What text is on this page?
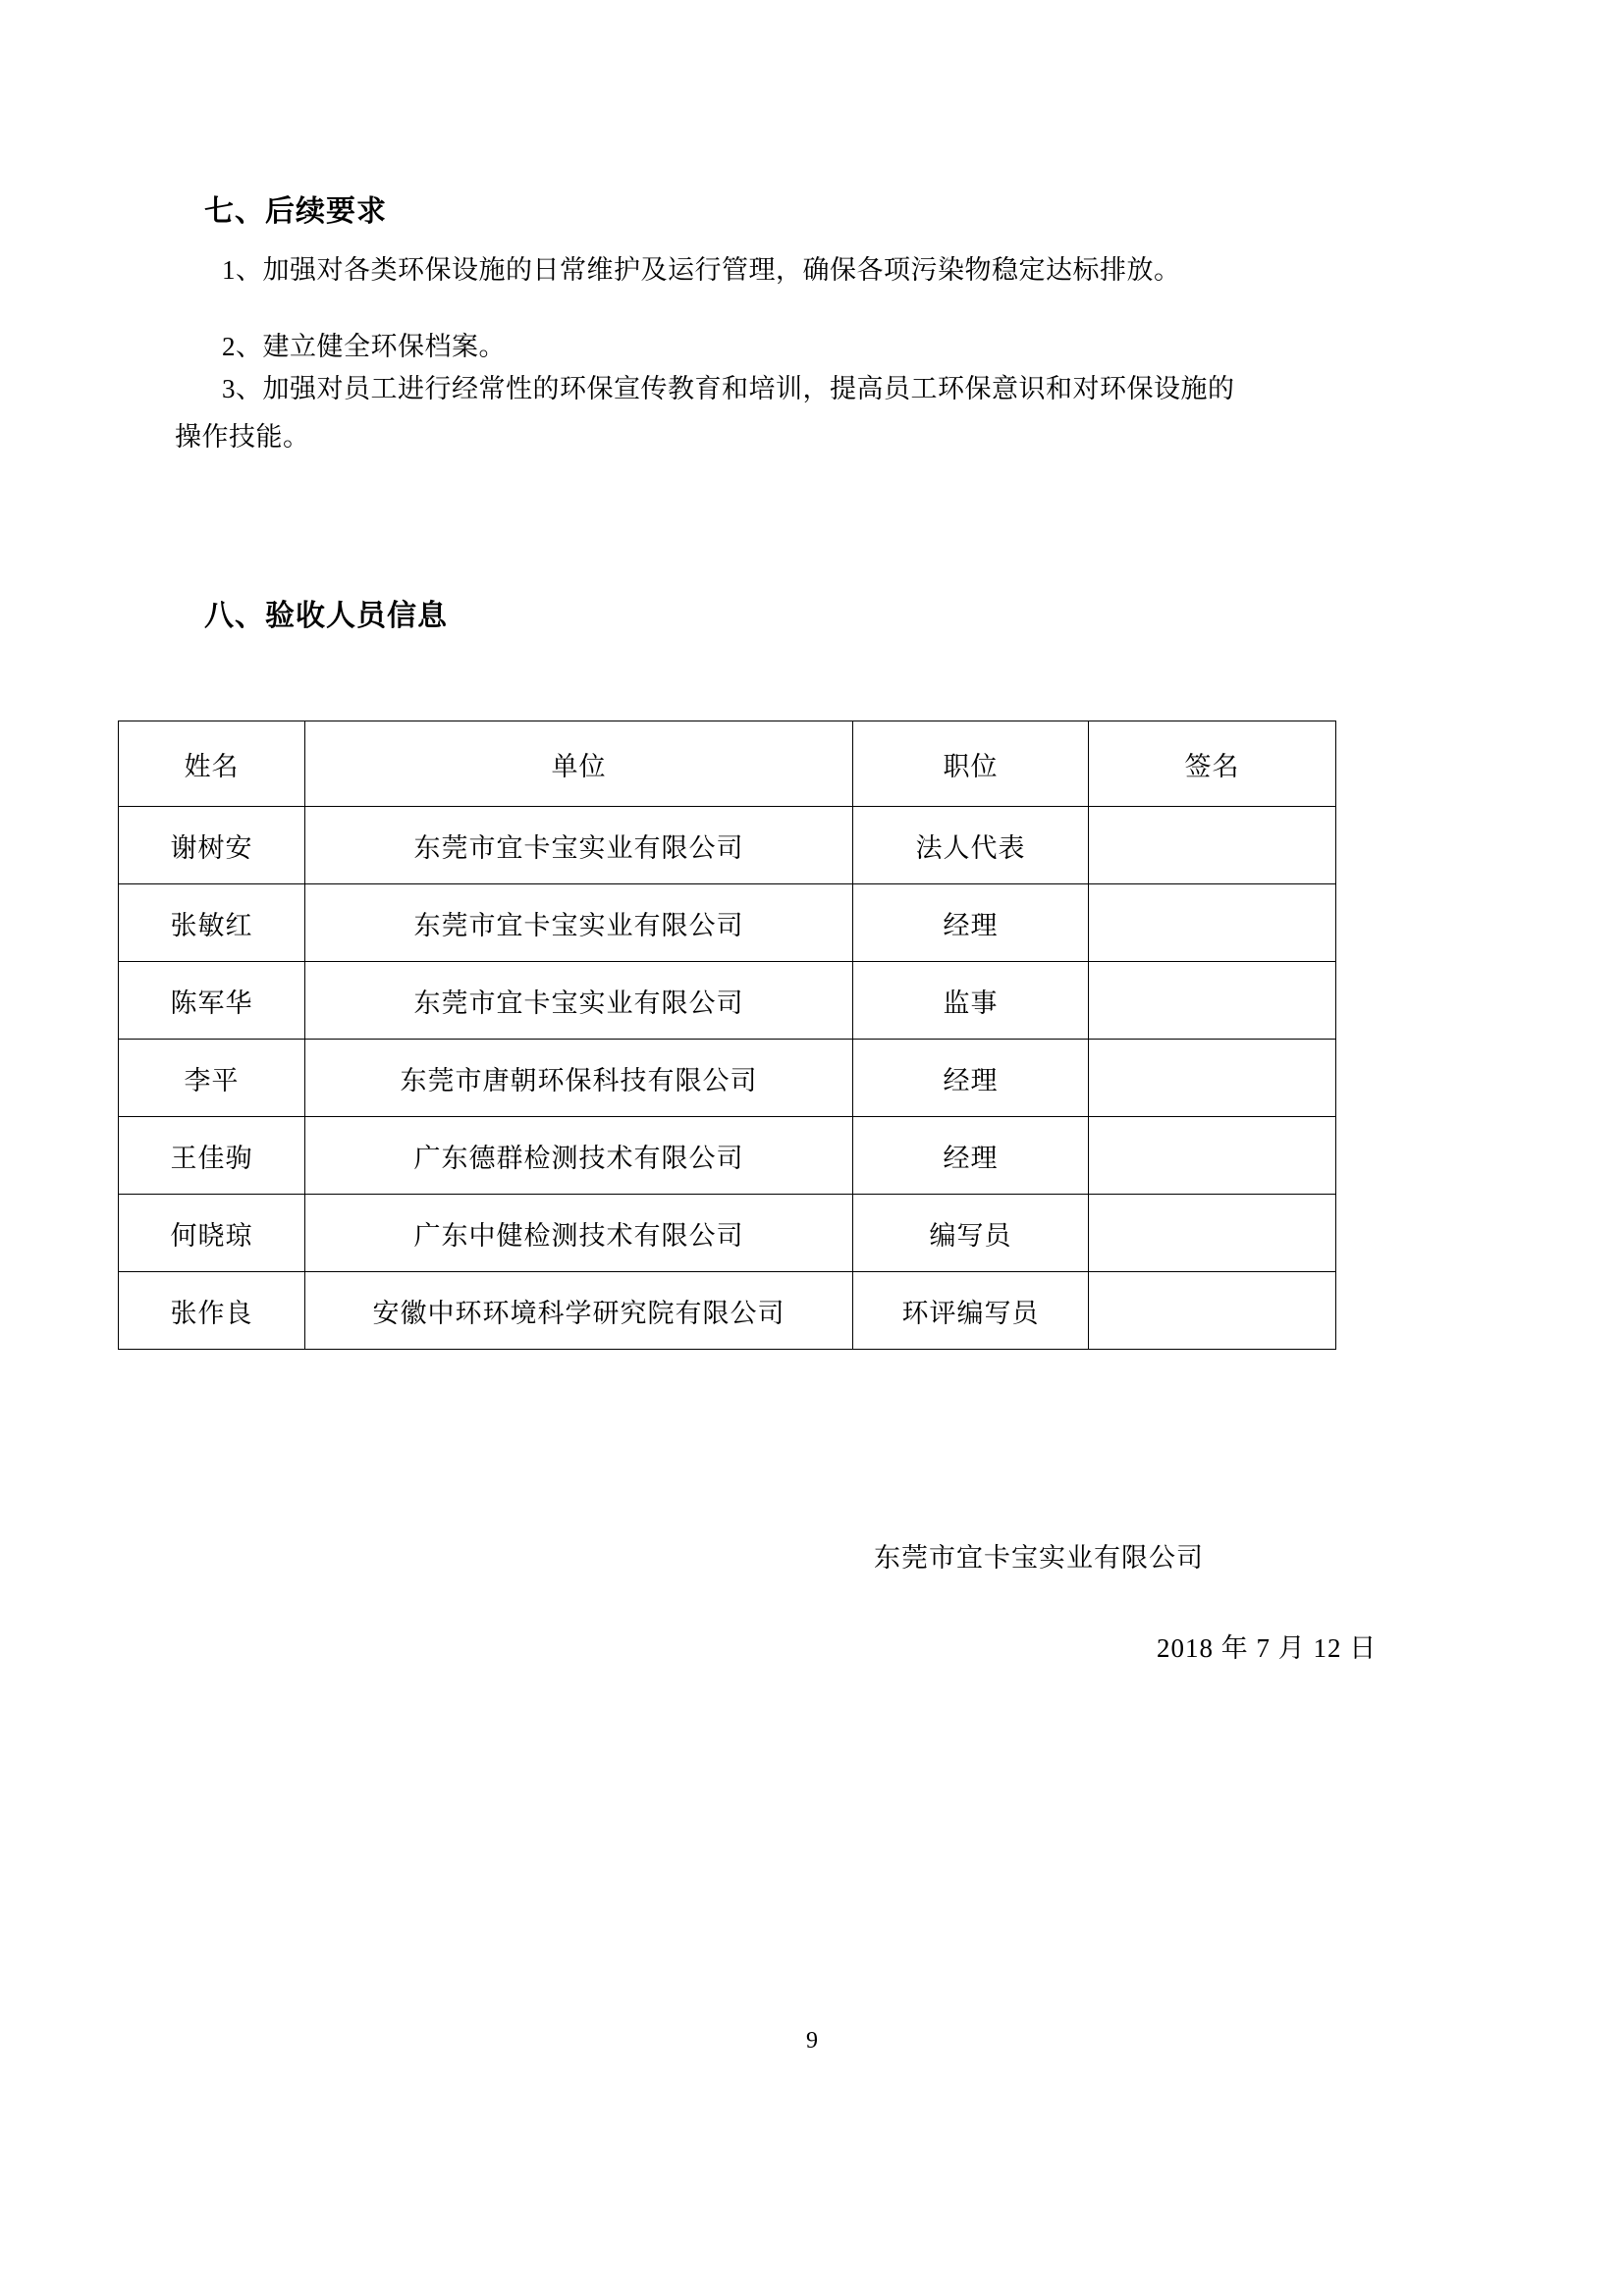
七、后续要求
1、加强对各类环保设施的日常维护及运行管理，确保各项污染物稳定达标排放。
2、建立健全环保档案。
3、加强对员工进行经常性的环保宣传教育和培训，提高员工环保意识和对环保设施的
操作技能。
八、验收人员信息
姓名	单位	职位	签名
谢树安	东莞市宜卡宝实业有限公司	法人代表	
张敏红	东莞市宜卡宝实业有限公司	经理	
陈军华	东莞市宜卡宝实业有限公司	监事	
李平	东莞市唐朝环保科技有限公司	经理	
王佳驹	广东德群检测技术有限公司	经理	
何晓琼	广东中健检测技术有限公司	编写员	
张作良	安徽中环环境科学研究院有限公司	环评编写员	
东莞市宜卡宝实业有限公司
2018 年 7 月 12 日
9
